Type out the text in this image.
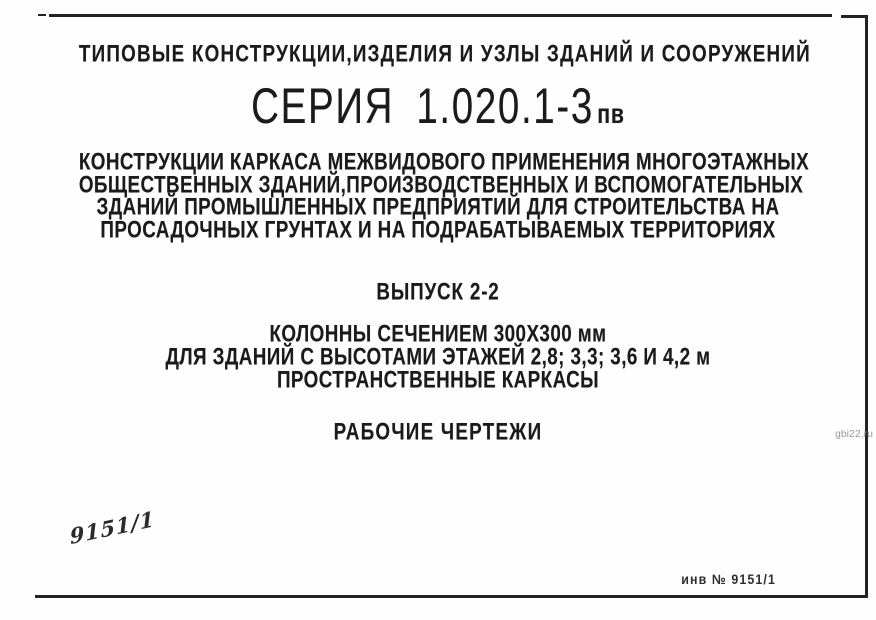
ТИПОВЫЕ КОНСТРУКЦИИ,ИЗДЕЛИЯ И УЗЛЫ ЗДАНИЙ И СООРУЖЕНИЙ
СЕРИЯ 1.020.1-3 пв
КОНСТРУКЦИИ КАРКАСА МЕЖВИДОВОГО ПРИМЕНЕНИЯ МНОГОЭТАЖНЫХ
ОБЩЕСТВЕННЫХ ЗДАНИЙ,ПРОИЗВОДСТВЕННЫХ И ВСПОМОГАТЕЛЬНЫХ
ЗДАНИЙ ПРОМЫШЛЕННЫХ ПРЕДПРИЯТИЙ ДЛЯ СТРОИТЕЛЬСТВА НА
ПРОСАДОЧНЫХ ГРУНТАХ И НА ПОДРАБАТЫВАЕМЫХ ТЕРРИТОРИЯХ
ВЫПУСК 2-2
КОЛОННЫ СЕЧЕНИЕМ 300Х300 мм
ДЛЯ ЗДАНИЙ С ВЫСОТАМИ ЭТАЖЕЙ 2,8; 3,3; 3,6 И 4,2 м
ПРОСТРАНСТВЕННЫЕ КАРКАСЫ
РАБОЧИЕ ЧЕРТЕЖИ
9151/1
инв № 9151/1
gbi22.ru
